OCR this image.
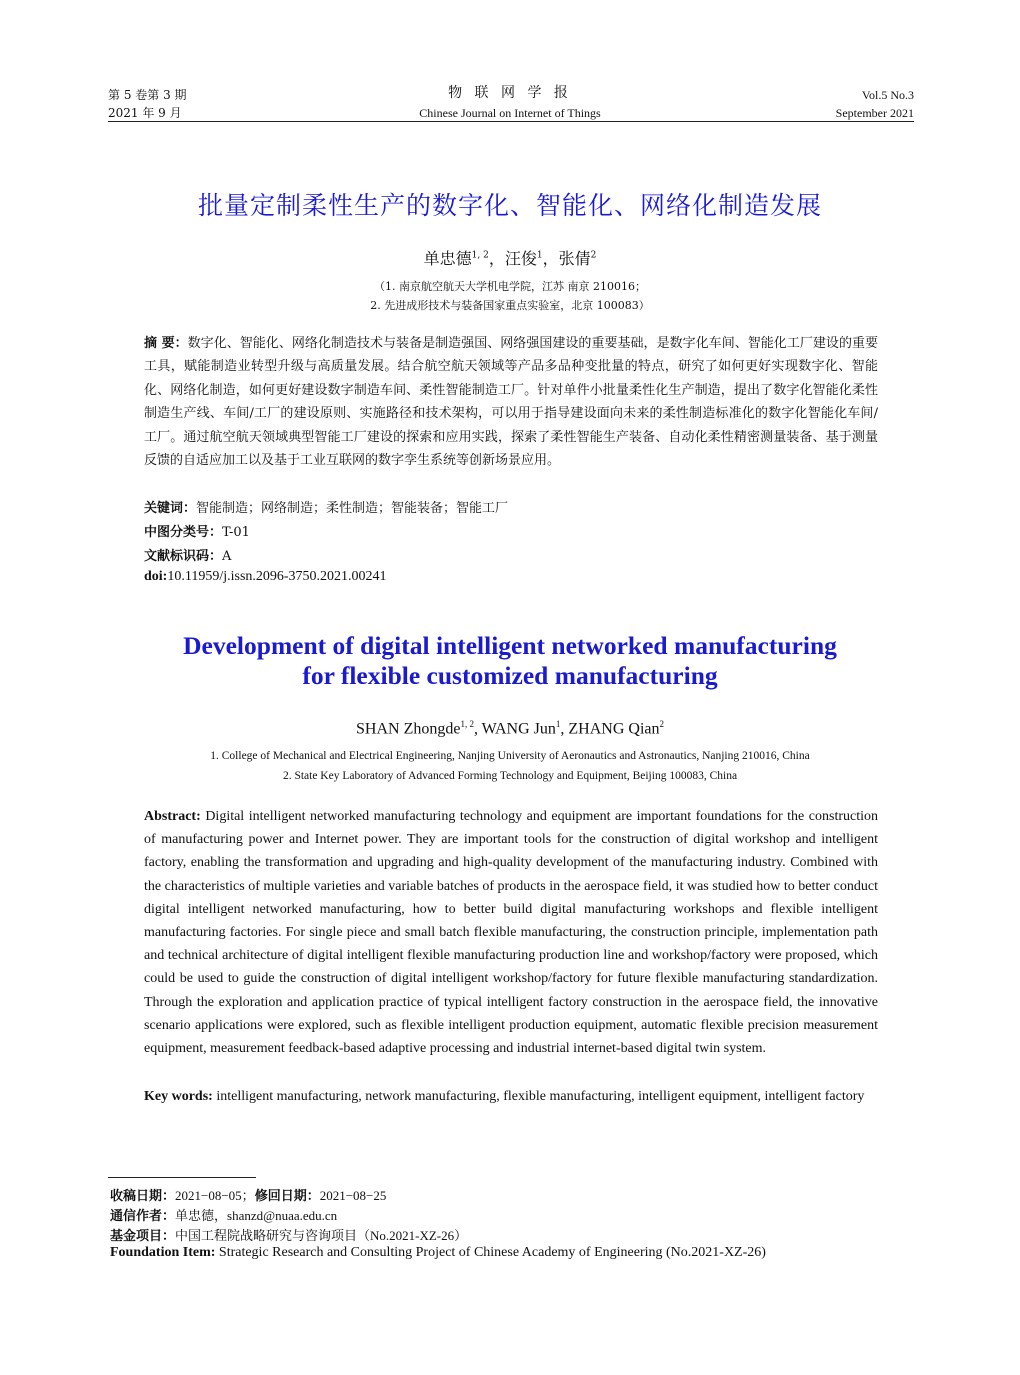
第 5 卷第 3 期
2021 年 9 月
物 联 网 学 报
Chinese Journal on Internet of Things
Vol.5 No.3
September 2021
批量定制柔性生产的数字化、智能化、网络化制造发展
单忠德$^{1, 2}$，汪俊$^1$，张倩$^2$
（1. 南京航空航天大学机电学院，江苏 南京 210016；
2. 先进成形技术与装备国家重点实验室，北京 100083）
摘 要：数字化、智能化、网络化制造技术与装备是制造强国、网络强国建设的重要基础，是数字化车间、智能化工厂建设的重要工具，赋能制造业转型升级与高质量发展。结合航空航天领域等产品多品种变批量的特点，研究了如何更好实现数字化、智能化、网络化制造，如何更好建设数字制造车间、柔性智能制造工厂。针对单件小批量柔性化生产制造，提出了数字化智能化柔性制造生产线、车间/工厂的建设原则、实施路径和技术架构，可以用于指导建设面向未来的柔性制造标准化的数字化智能化车间/工厂。通过航空航天领域典型智能工厂建设的探索和应用实践，探索了柔性智能生产装备、自动化柔性精密测量装备、基于测量反馈的自适应加工以及基于工业互联网的数字孪生系统等创新场景应用。
关键词：智能制造；网络制造；柔性制造；智能装备；智能工厂
中图分类号：T-01
文献标识码：A
doi:10.11959/j.issn.2096-3750.2021.00241
Development of digital intelligent networked manufacturing
for flexible customized manufacturing
SHAN Zhongde$^{1, 2}$, WANG Jun$^1$, ZHANG Qian$^2$
1. College of Mechanical and Electrical Engineering, Nanjing University of Aeronautics and Astronautics, Nanjing 210016, China
2. State Key Laboratory of Advanced Forming Technology and Equipment, Beijing 100083, China
Abstract: Digital intelligent networked manufacturing technology and equipment are important foundations for the construction of manufacturing power and Internet power. They are important tools for the construction of digital workshop and intelligent factory, enabling the transformation and upgrading and high-quality development of the manufacturing industry. Combined with the characteristics of multiple varieties and variable batches of products in the aerospace field, it was studied how to better conduct digital intelligent networked manufacturing, how to better build digital manufacturing workshops and flexible intelligent manufacturing factories. For single piece and small batch flexible manufacturing, the construction principle, implementation path and technical architecture of digital intelligent flexible manufacturing production line and workshop/factory were proposed, which could be used to guide the construction of digital intelligent workshop/factory for future flexible manufacturing standardization. Through the exploration and application practice of typical intelligent factory construction in the aerospace field, the innovative scenario applications were explored, such as flexible intelligent production equipment, automatic flexible precision measurement equipment, measurement feedback-based adaptive processing and industrial internet-based digital twin system.
Key words: intelligent manufacturing, network manufacturing, flexible manufacturing, intelligent equipment, intelligent factory
收稿日期：2021−08−05；修回日期：2021−08−25
通信作者：单忠德，shanzd@nuaa.edu.cn
基金项目：中国工程院战略研究与咨询项目（No.2021-XZ-26）
Foundation Item: Strategic Research and Consulting Project of Chinese Academy of Engineering (No.2021-XZ-26)
